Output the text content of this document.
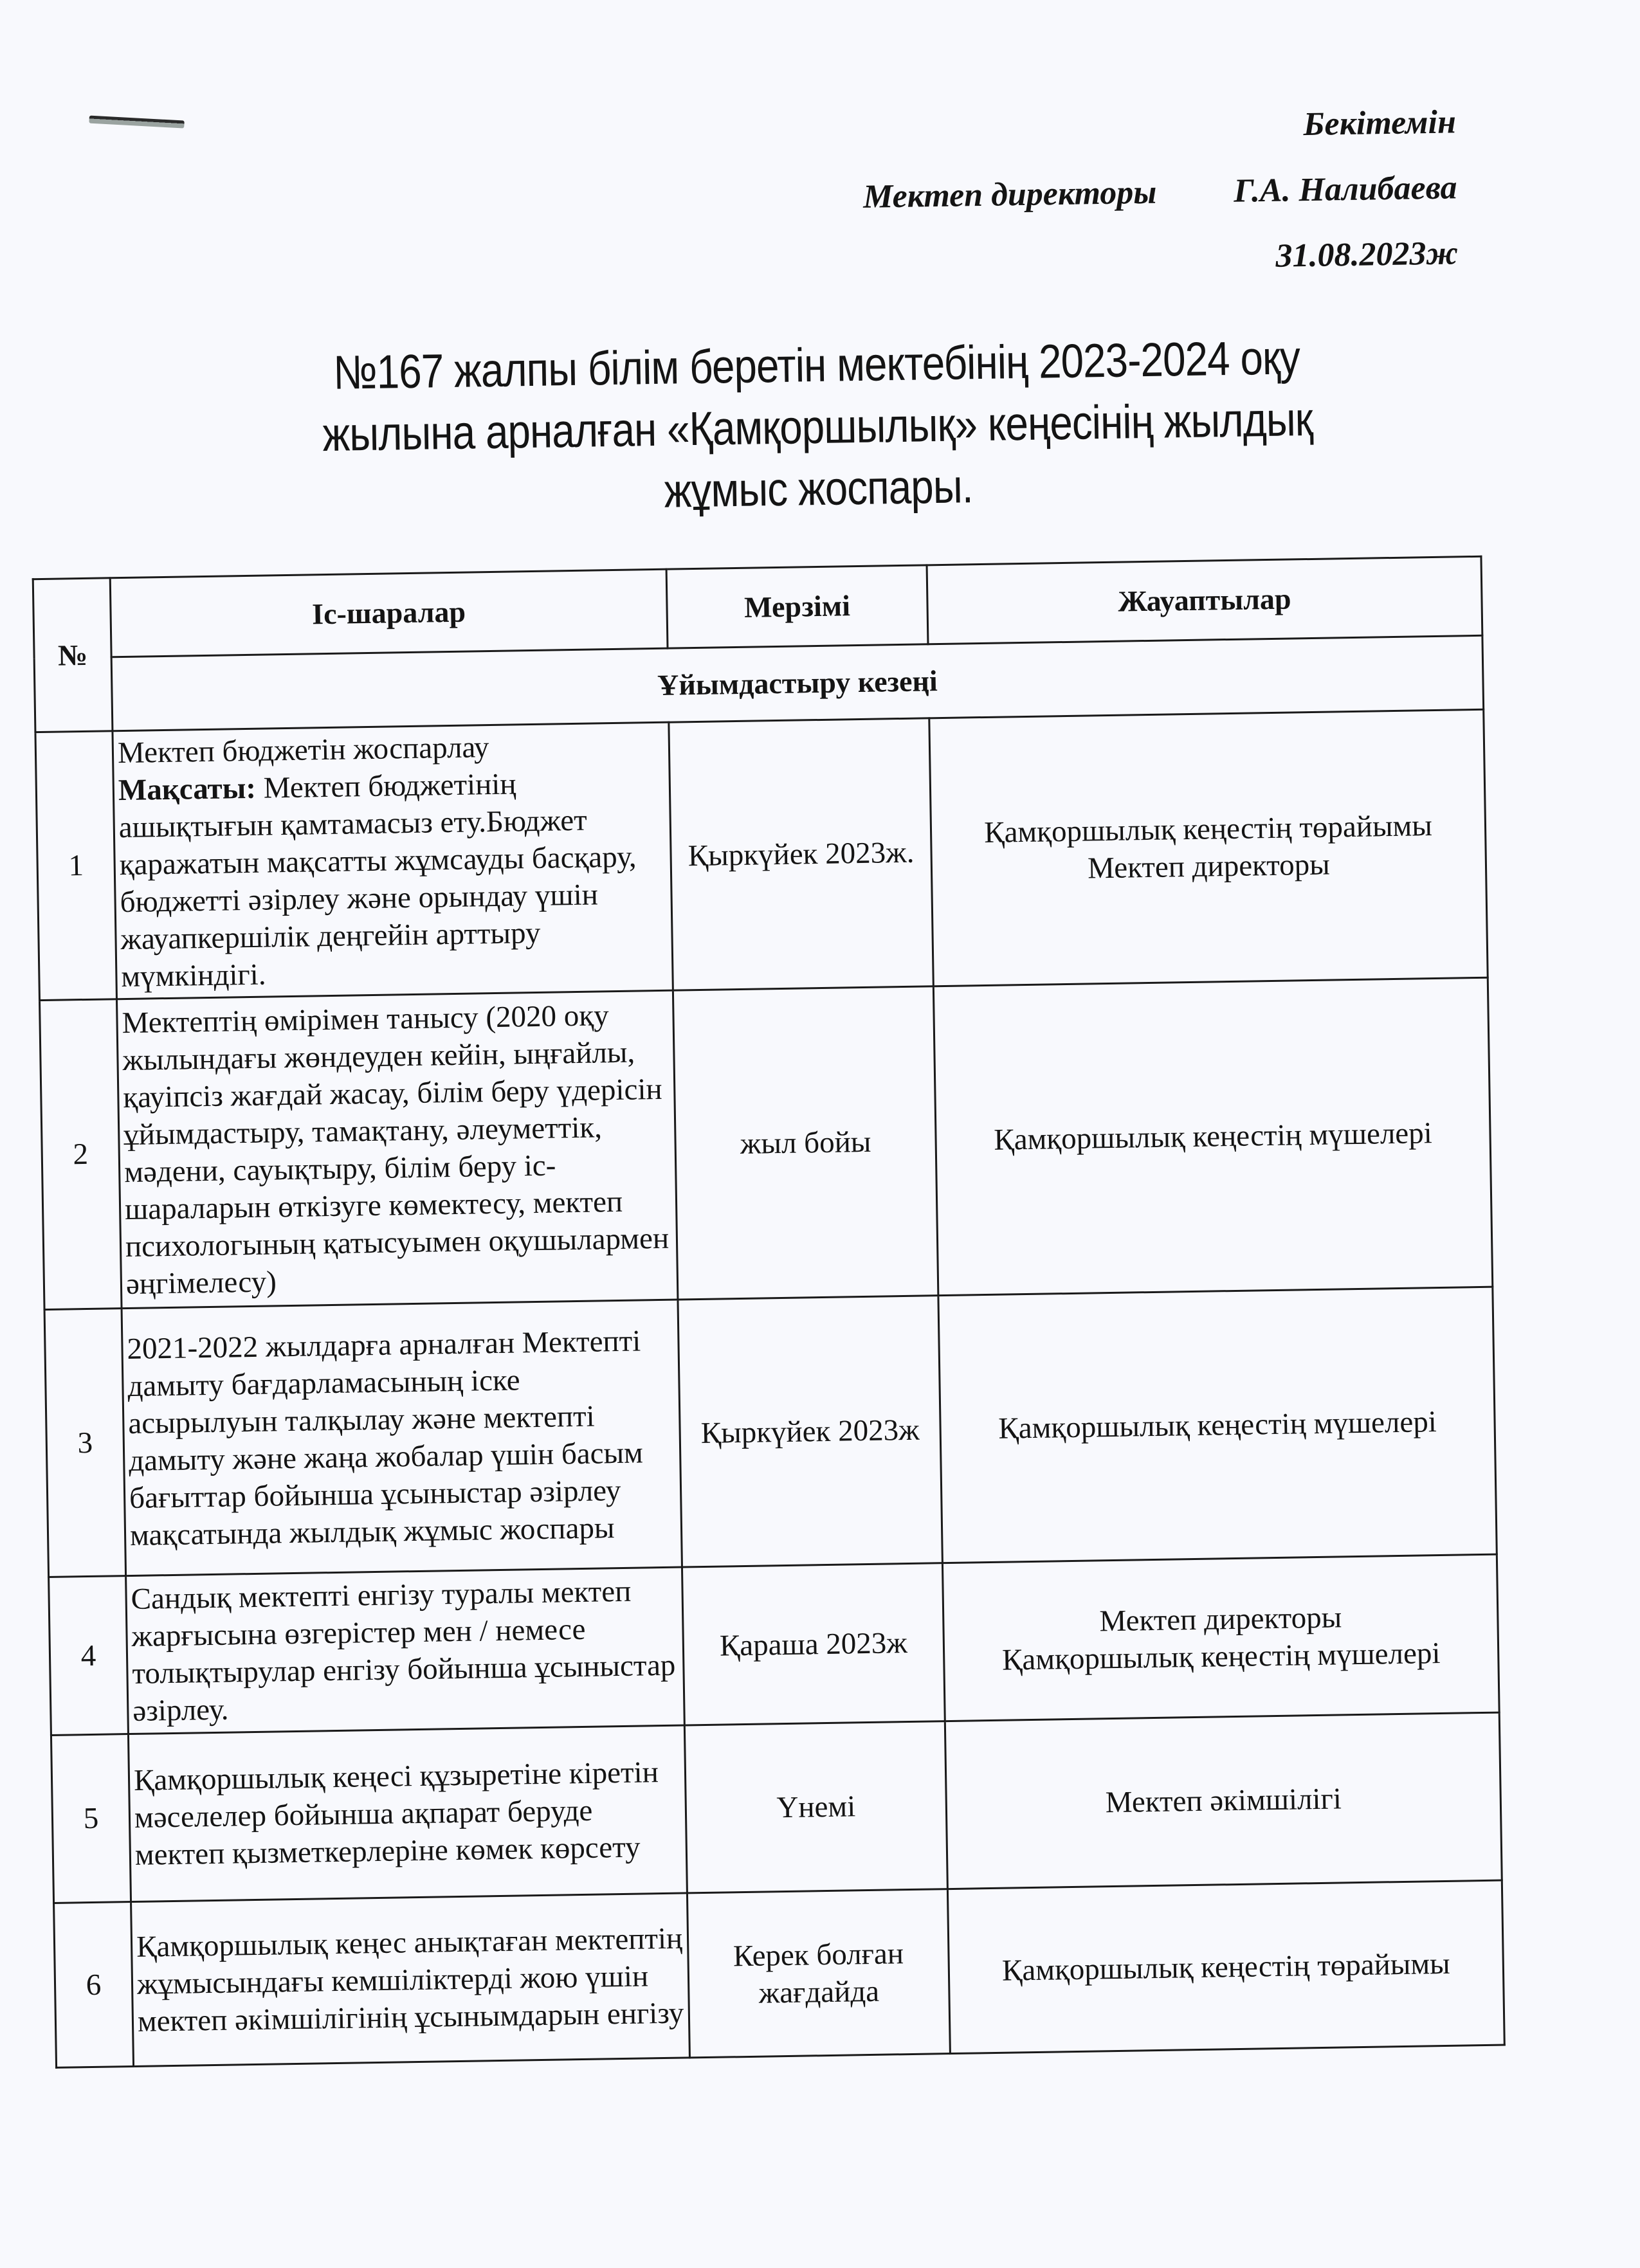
Бекітемін
Мектеп директоры Г.А. Налибаева
31.08.2023ж
№167 жалпы білім беретін мектебінің 2023-2024 оқу
жылына арналған «Қамқоршылық» кеңесінің жылдық
жұмыс жоспары.
№	Іс-шаралар	Мерзімі	Жауаптылар
	Ұйымдастыру кезеңі		
1	Мектеп бюджетін жоспарлау
Мақсаты: Мектеп бюджетінің ашықтығын қамтамасыз ету.Бюджет қаражатын мақсатты жұмсауды басқару, бюджетті әзірлеу және орындау үшін жауапкершілік деңгейін арттыру мүмкіндігі.	Қыркүйек 2023ж.	Қамқоршылық кеңестің төрайымы
Мектеп директоры

2	Мектептің өмірімен танысу (2020 оқу жылындағы жөндеуден кейін, ыңғайлы, қауіпсіз жағдай жасау, білім беру үдерісін ұйымдастыру, тамақтану, әлеуметтік, мәдени, сауықтыру, білім беру іс-шараларын өткізуге көмектесу, мектеп психологының қатысуымен оқушылармен әңгімелесу)	жыл бойы	Қамқоршылық кеңестің мүшелері

3	2021-2022 жылдарға арналған Мектепті дамыту бағдарламасының іске асырылуын талқылау және мектепті дамыту және жаңа жобалар үшін басым бағыттар бойынша ұсыныстар әзірлеу мақсатында жылдық жұмыс жоспары	Қыркүйек 2023ж	Қамқоршылық кеңестің мүшелері

4	Сандық мектепті енгізу туралы мектеп жарғысына өзгерістер мен / немесе толықтырулар енгізу бойынша ұсыныстар әзірлеу.	Қараша 2023ж	Мектеп директоры
Қамқоршылық кеңестің мүшелері

5	Қамқоршылық кеңесі құзыретіне кіретін мәселелер бойынша ақпарат беруде мектеп қызметкерлеріне көмек көрсету	Үнемі	Мектеп әкімшілігі

6	Қамқоршылық кеңес анықтаған мектептің жұмысындағы кемшіліктерді жою үшін мектеп әкімшілігінің ұсынымдарын енгізу	Керек болған жағдайда	Қамқоршылық кеңестің төрайымы
